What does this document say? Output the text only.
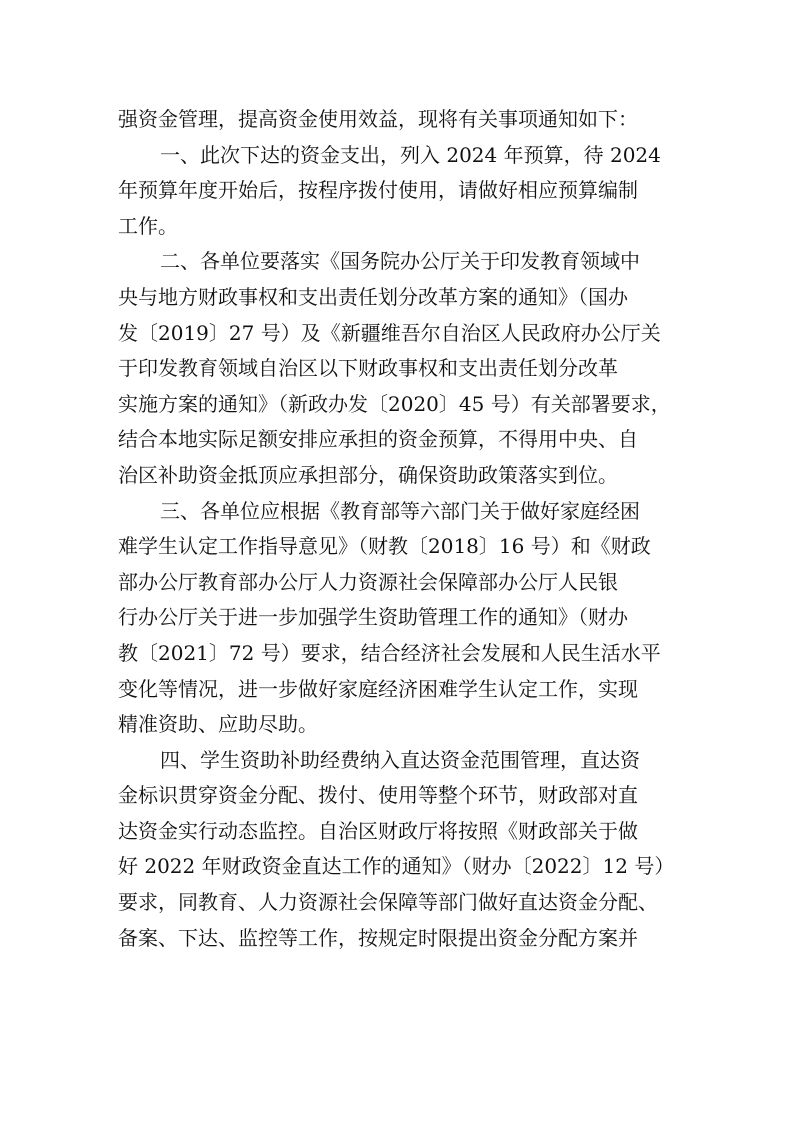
强资金管理，提高资金使用效益，现将有关事项通知如下：

一、此次下达的资金支出，列入 2024 年预算，待 2024
年预算年度开始后，按程序拨付使用，请做好相应预算编制
工作。

二、各单位要落实《国务院办公厅关于印发教育领域中
央与地方财政事权和支出责任划分改革方案的通知》（国办
发〔2019〕27 号）及《新疆维吾尔自治区人民政府办公厅关
于印发教育领域自治区以下财政事权和支出责任划分改革
实施方案的通知》（新政办发〔2020〕45 号）有关部署要求，
结合本地实际足额安排应承担的资金预算，不得用中央、自
治区补助资金抵顶应承担部分，确保资助政策落实到位。

三、各单位应根据《教育部等六部门关于做好家庭经困
难学生认定工作指导意见》（财教〔2018〕16 号）和《财政
部办公厅教育部办公厅人力资源社会保障部办公厅人民银
行办公厅关于进一步加强学生资助管理工作的通知》（财办
教〔2021〕72 号）要求，结合经济社会发展和人民生活水平
变化等情况，进一步做好家庭经济困难学生认定工作，实现
精准资助、应助尽助。

四、学生资助补助经费纳入直达资金范围管理，直达资
金标识贯穿资金分配、拨付、使用等整个环节，财政部对直
达资金实行动态监控。自治区财政厅将按照《财政部关于做
好 2022 年财政资金直达工作的通知》（财办〔2022〕12 号）
要求，同教育、人力资源社会保障等部门做好直达资金分配、
备案、下达、监控等工作，按规定时限提出资金分配方案并
